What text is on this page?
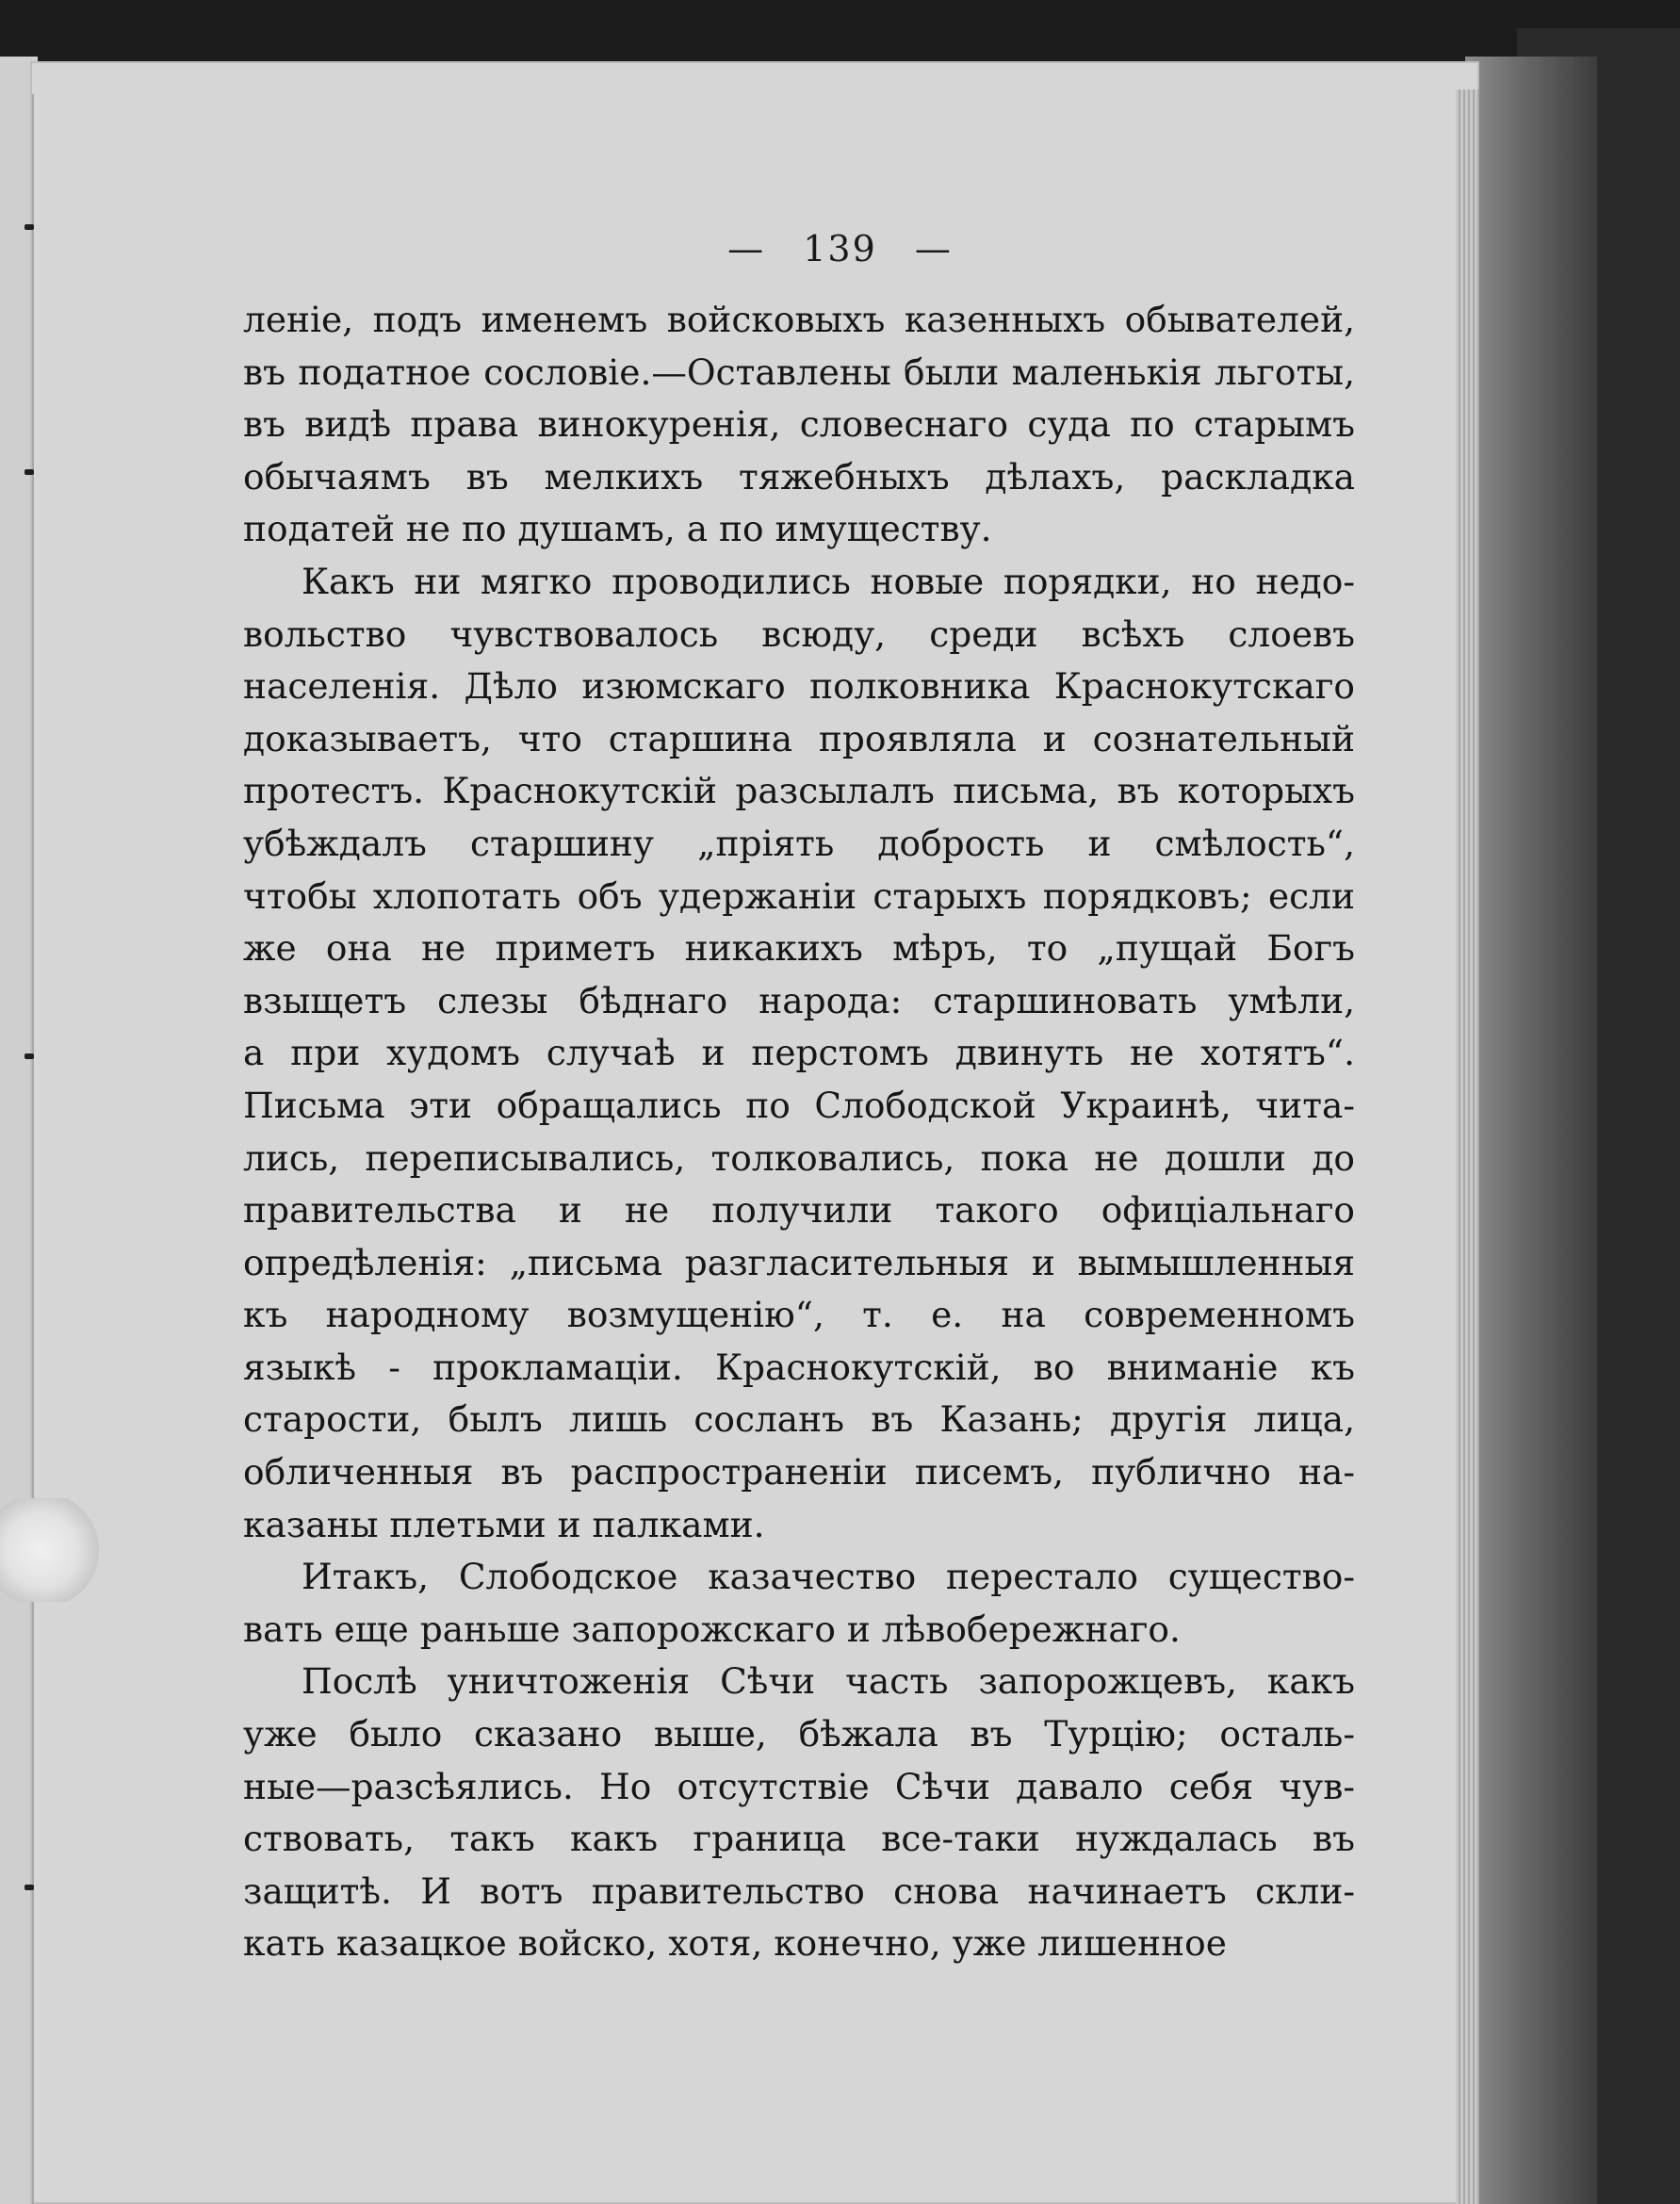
— 139 —
леніе, подъ именемъ войсковыхъ казенныхъ обывателей,
въ податное сословіе.—Оставлены были маленькія льготы,
въ видѣ права винокуренія, словеснаго суда по старымъ
обычаямъ въ мелкихъ тяжебныхъ дѣлахъ, раскладка
податей не по душамъ, а по имуществу.
Какъ ни мягко проводились новые порядки, но недо-
вольство чувствовалось всюду, среди всѣхъ слоевъ
населенія. Дѣло изюмскаго полковника Краснокутскаго
доказываетъ, что старшина проявляла и сознательный
протестъ. Краснокутскій разсылалъ письма, въ которыхъ
убѣждалъ старшину „пріять добрость и смѣлость“,
чтобы хлопотать объ удержаніи старыхъ порядковъ; если
же она не приметъ никакихъ мѣръ, то „пущай Богъ
взыщетъ слезы бѣднаго народа: старшиновать умѣли,
а при худомъ случаѣ и перстомъ двинуть не хотятъ“.
Письма эти обращались по Слободской Украинѣ, чита-
лись, переписывались, толковались, пока не дошли до
правительства и не получили такого офиціальнаго
опредѣленія: „письма разгласительныя и вымышленныя
къ народному возмущенію“, т. е. на современномъ
языкѣ - прокламаціи. Краснокутскій, во вниманіе къ
старости, былъ лишь сосланъ въ Казань; другія лица,
обличенныя въ распространеніи писемъ, публично на-
казаны плетьми и палками.
Итакъ, Слободское казачество перестало существо-
вать еще раньше запорожскаго и лѣвобережнаго.
Послѣ уничтоженія Сѣчи часть запорожцевъ, какъ
уже было сказано выше, бѣжала въ Турцію; осталь-
ные—разсѣялись. Но отсутствіе Сѣчи давало себя чув-
ствовать, такъ какъ граница все-таки нуждалась въ
защитѣ. И вотъ правительство снова начинаетъ скли-
кать казацкое войско, хотя, конечно, уже лишенное
